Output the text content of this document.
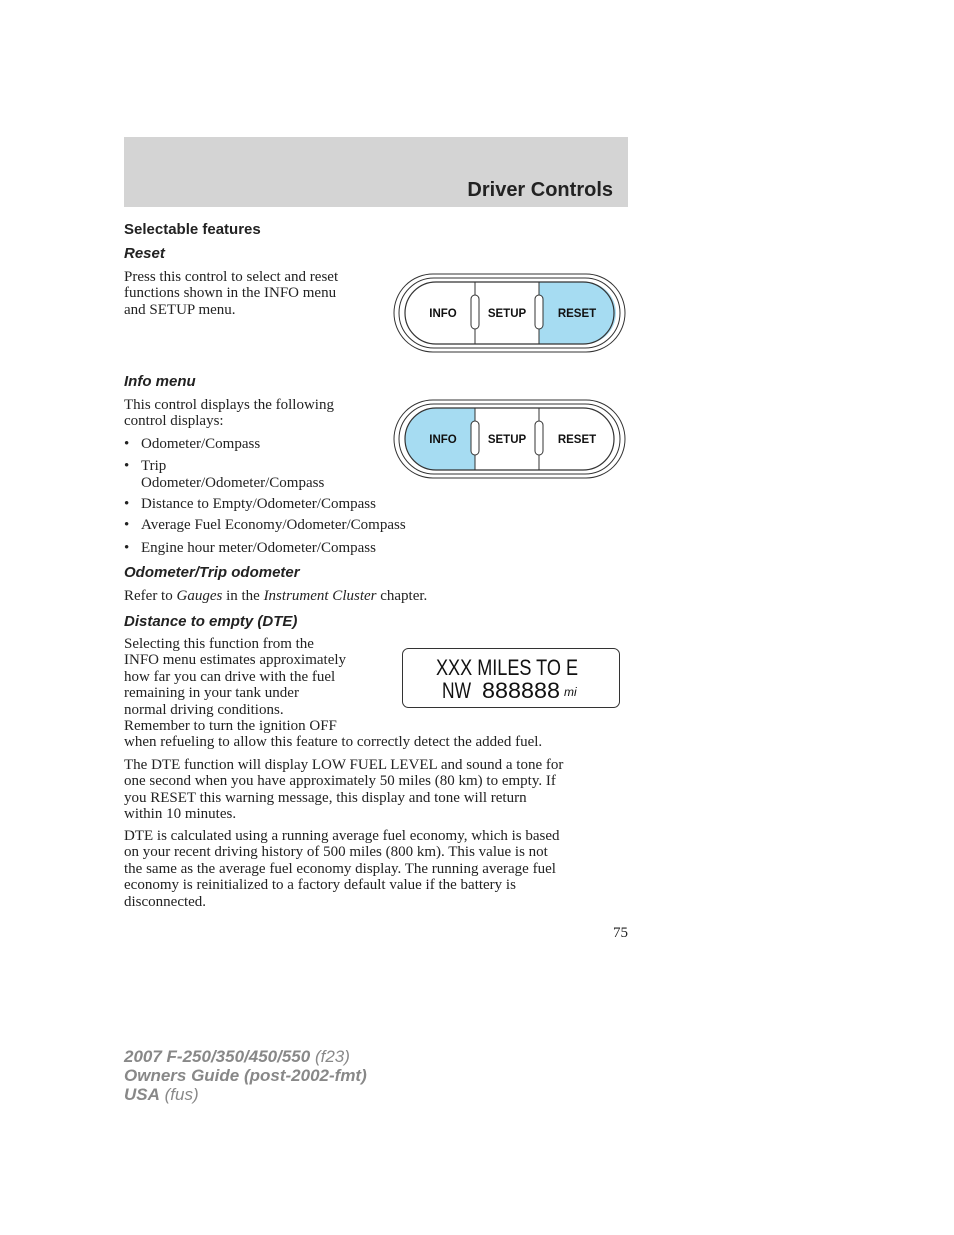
Driver Controls
Selectable features
Reset
Press this control to select and reset
functions shown in the INFO menu
and SETUP menu.	INFO	SETUP	RESET
Info menu
This control displays the following
control displays:
• Odometer/Compass
• Trip
Odometer/Odometer/Compass
• Distance to Empty/Odometer/Compass
• Average Fuel Economy/Odometer/Compass
• Engine hour meter/Odometer/Compass
INFO	SETUP	RESET
Odometer/Trip odometer
Refer to Gauges in the Instrument Cluster chapter.
Distance to empty (DTE)
Selecting this function from the
INFO menu estimates approximately
how far you can drive with the fuel
remaining in your tank under
normal driving conditions.
Remember to turn the ignition OFF
when refueling to allow this feature to correctly detect the added fuel.
XXX MILES TO E
NW 888888 mi
The DTE function will display LOW FUEL LEVEL and sound a tone for
one second when you have approximately 50 miles (80 km) to empty. If
you RESET this warning message, this display and tone will return
within 10 minutes.
DTE is calculated using a running average fuel economy, which is based
on your recent driving history of 500 miles (800 km). This value is not
the same as the average fuel economy display. The running average fuel
economy is reinitialized to a factory default value if the battery is
disconnected.
75
2007 F-250/350/450/550 (f23)
Owners Guide (post-2002-fmt)
USA (fus)
